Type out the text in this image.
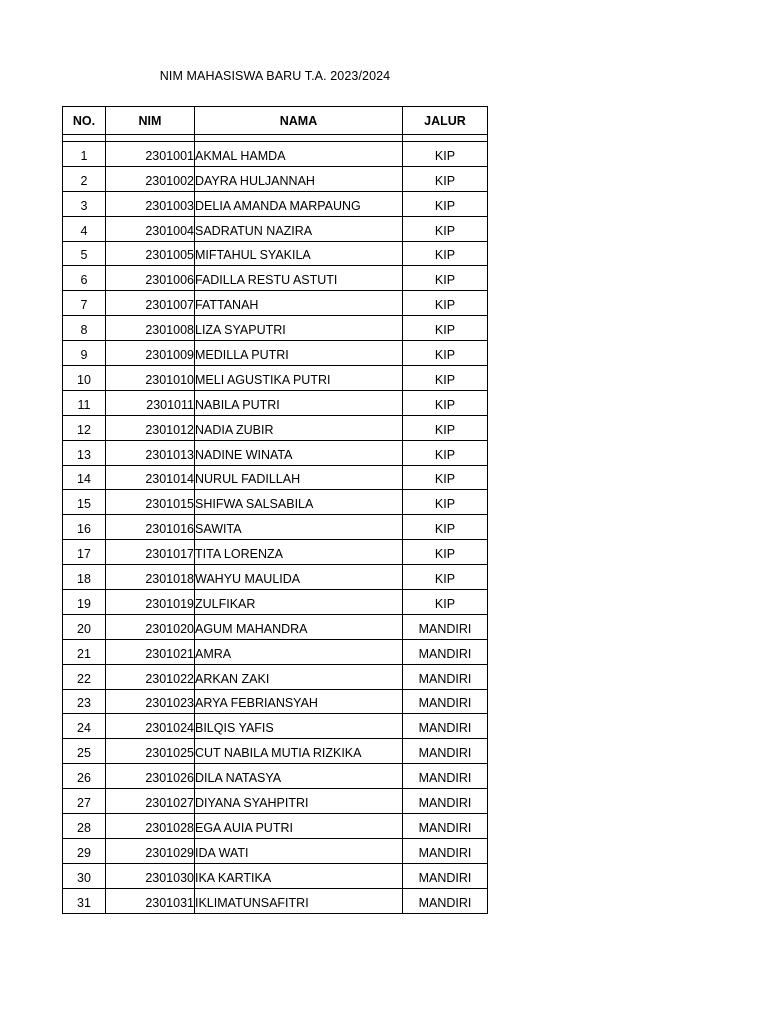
NIM MAHASISWA BARU T.A. 2023/2024
NO.	NIM	NAMA	JALUR

1	2301001	AKMAL HAMDA	KIP
2	2301002	DAYRA HULJANNAH	KIP
3	2301003	DELIA AMANDA MARPAUNG	KIP
4	2301004	SADRATUN NAZIRA	KIP
5	2301005	MIFTAHUL SYAKILA	KIP
6	2301006	FADILLA RESTU ASTUTI	KIP
7	2301007	FATTANAH	KIP
8	2301008	LIZA SYAPUTRI	KIP
9	2301009	MEDILLA PUTRI	KIP
10	2301010	MELI AGUSTIKA PUTRI	KIP
11	2301011	NABILA PUTRI	KIP
12	2301012	NADIA ZUBIR	KIP
13	2301013	NADINE WINATA	KIP
14	2301014	NURUL FADILLAH	KIP
15	2301015	SHIFWA SALSABILA	KIP
16	2301016	SAWITA	KIP
17	2301017	TITA LORENZA	KIP
18	2301018	WAHYU MAULIDA	KIP
19	2301019	ZULFIKAR	KIP
20	2301020	AGUM MAHANDRA	MANDIRI
21	2301021	AMRA	MANDIRI
22	2301022	ARKAN ZAKI	MANDIRI
23	2301023	ARYA FEBRIANSYAH	MANDIRI
24	2301024	BILQIS YAFIS	MANDIRI
25	2301025	CUT NABILA MUTIA RIZKIKA	MANDIRI
26	2301026	DILA NATASYA	MANDIRI
27	2301027	DIYANA SYAHPITRI	MANDIRI
28	2301028	EGA AUIA PUTRI	MANDIRI
29	2301029	IDA WATI	MANDIRI
30	2301030	IKA KARTIKA	MANDIRI
31	2301031	IKLIMATUNSAFITRI	MANDIRI
